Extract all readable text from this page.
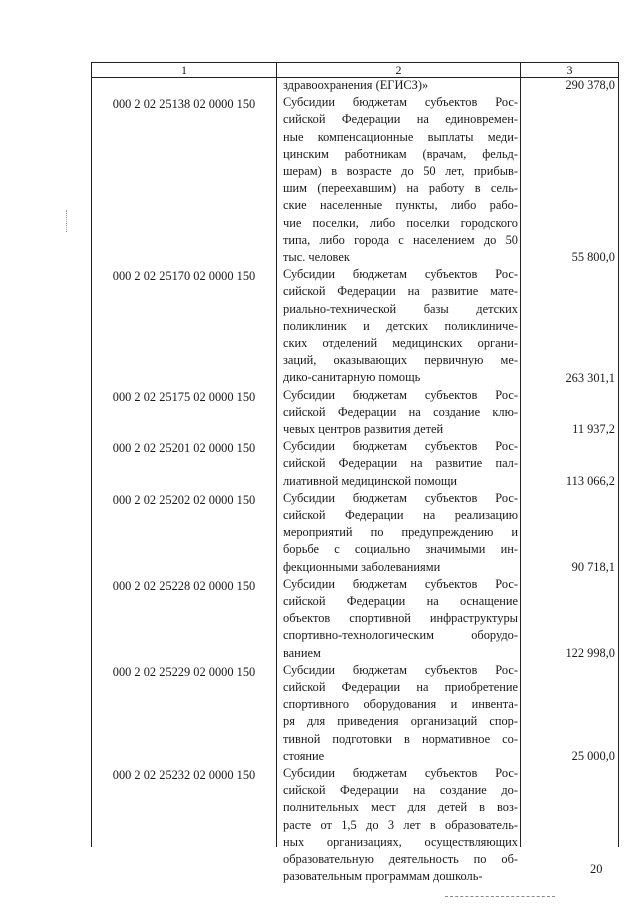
1	2	3
здравоохранения (ЕГИСЗ)»	290 378,0
000 2 02 25138 02 0000 150	Субсидии бюджетам субъектов Рос-
сийской Федерации на единовремен-
ные компенсационные выплаты меди-
цинским работникам (врачам, фельд-
шерам) в возрасте до 50 лет, прибыв-
шим (переехавшим) на работу в сель-
ские населенные пункты, либо рабо-
чие поселки, либо поселки городского
типа, либо города с населением до 50
тыс. человек	55 800,0
000 2 02 25170 02 0000 150	Субсидии бюджетам субъектов Рос-
сийской Федерации на развитие мате-
риально-технической базы детских
поликлиник и детских поликлиниче-
ских отделений медицинских органи-
заций, оказывающих первичную ме-
дико-санитарную помощь	263 301,1
000 2 02 25175 02 0000 150	Субсидии бюджетам субъектов Рос-
сийской Федерации на создание клю-
чевых центров развития детей	11 937,2
000 2 02 25201 02 0000 150	Субсидии бюджетам субъектов Рос-
сийской Федерации на развитие пал-
лиативной медицинской помощи	113 066,2
000 2 02 25202 02 0000 150	Субсидии бюджетам субъектов Рос-
сийской Федерации на реализацию
мероприятий по предупреждению и
борьбе с социально значимыми ин-
фекционными заболеваниями	90 718,1
000 2 02 25228 02 0000 150	Субсидии бюджетам субъектов Рос-
сийской Федерации на оснащение
объектов спортивной инфраструктуры
спортивно-технологическим оборудо-
ванием	122 998,0
000 2 02 25229 02 0000 150	Субсидии бюджетам субъектов Рос-
сийской Федерации на приобретение
спортивного оборудования и инвента-
ря для приведения организаций спор-
тивной подготовки в нормативное со-
стояние	25 000,0
000 2 02 25232 02 0000 150	Субсидии бюджетам субъектов Рос-
сийской Федерации на создание до-
полнительных мест для детей в воз-
расте от 1,5 до 3 лет в образователь-
ных организациях, осуществляющих
образовательную деятельность по об-
разовательным программам дошколь-
20
